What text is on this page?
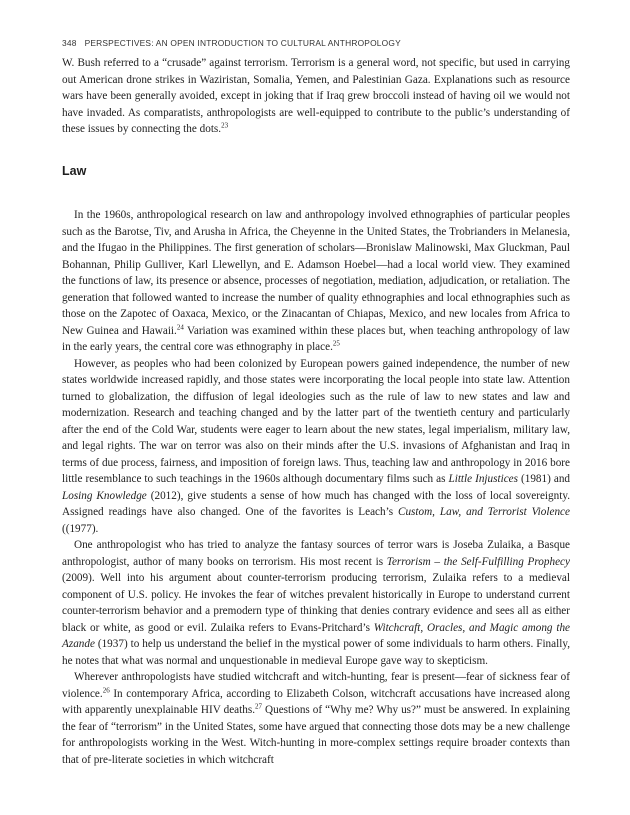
348 PERSPECTIVES: AN OPEN INTRODUCTION TO CULTURAL ANTHROPOLOGY

W. Bush referred to a “crusade” against terrorism. Terrorism is a general word, not specific, but used in carrying out American drone strikes in Waziristan, Somalia, Yemen, and Palestinian Gaza. Explanations such as resource wars have been generally avoided, except in joking that if Iraq grew broccoli instead of having oil we would not have invaded. As comparatists, anthropologists are well-equipped to contribute to the public’s understanding of these issues by connecting the dots.$^{23}$

Law

In the 1960s, anthropological research on law and anthropology involved ethnographies of particular peoples such as the Barotse, Tiv, and Arusha in Africa, the Cheyenne in the United States, the Trobrianders in Melanesia, and the Ifugao in the Philippines. The first generation of scholars—Bronislaw Malinowski, Max Gluckman, Paul Bohannan, Philip Gulliver, Karl Llewellyn, and E. Adamson Hoebel—had a local world view. They examined the functions of law, its presence or absence, processes of negotiation, mediation, adjudication, or retaliation. The generation that followed wanted to increase the number of quality ethnographies and local ethnographies such as those on the Zapotec of Oaxaca, Mexico, or the Zinacantan of Chiapas, Mexico, and new locales from Africa to New Guinea and Hawaii.$^{24}$ Variation was examined within these places but, when teaching anthropology of law in the early years, the central core was ethnography in place.$^{25}$

However, as peoples who had been colonized by European powers gained independence, the number of new states worldwide increased rapidly, and those states were incorporating the local people into state law. Attention turned to globalization, the diffusion of legal ideologies such as the rule of law to new states and law and modernization. Research and teaching changed and by the latter part of the twentieth century and particularly after the end of the Cold War, students were eager to learn about the new states, legal imperialism, military law, and legal rights. The war on terror was also on their minds after the U.S. invasions of Afghanistan and Iraq in terms of due process, fairness, and imposition of foreign laws. Thus, teaching law and anthropology in 2016 bore little resemblance to such teachings in the 1960s although documentary films such as Little Injustices (1981) and Losing Knowledge (2012), give students a sense of how much has changed with the loss of local sovereignty. Assigned readings have also changed. One of the favorites is Leach’s Custom, Law, and Terrorist Violence ((1977).

One anthropologist who has tried to analyze the fantasy sources of terror wars is Joseba Zulaika, a Basque anthropologist, author of many books on terrorism. His most recent is Terrorism – the Self-Fulfilling Prophecy (2009). Well into his argument about counter-terrorism producing terrorism, Zulaika refers to a medieval component of U.S. policy. He invokes the fear of witches prevalent historically in Europe to understand current counter-terrorism behavior and a premodern type of thinking that denies contrary evidence and sees all as either black or white, as good or evil. Zulaika refers to Evans-Pritchard’s Witchcraft, Oracles, and Magic among the Azande (1937) to help us understand the belief in the mystical power of some individuals to harm others. Finally, he notes that what was normal and unquestionable in medieval Europe gave way to skepticism.

Wherever anthropologists have studied witchcraft and witch-hunting, fear is present—fear of sickness fear of violence.$^{26}$ In contemporary Africa, according to Elizabeth Colson, witchcraft accusations have increased along with apparently unexplainable HIV deaths.$^{27}$ Questions of “Why me? Why us?” must be answered. In explaining the fear of “terrorism” in the United States, some have argued that connecting those dots may be a new challenge for anthropologists working in the West. Witch-hunting in more-complex settings require broader contexts than that of pre-literate societies in which witchcraft
